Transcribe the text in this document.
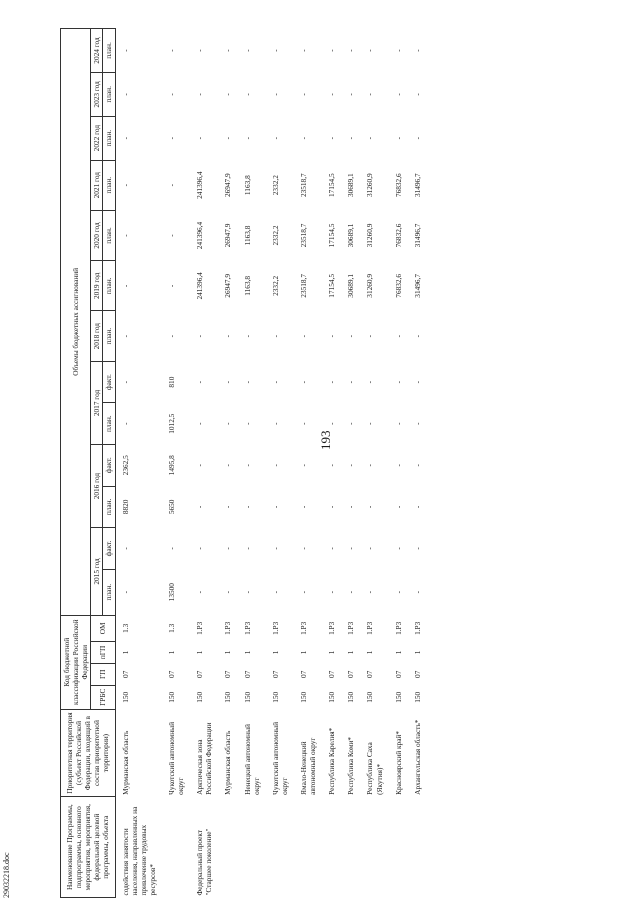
193
29032218.doc	Наименование Программы, подпрограммы, основного мероприятия, мероприятия, федеральной целевой программы, объекта	Приоритетная территория (субъект Российской Федерации, входящий в состав приоритетной территории)	Код бюджетной классификации Российской Федерации				Объемы бюджетных ассигнований												
		ГРБС	ГП	пГП	ОМ	2015 год		2016 год		2017 год		2018 год	2019 год	2020 год	2021 год	2022 год	2023 год	2024 год
						план.	факт.	план.	факт.	план.	факт.	план.	план.	план.	план.	план.	план.	план.
содействия занятости населения, направленных на привлечение трудовых ресурсов*	Мурманская область	150	07	1	1.3	-	-	8820	2362,5	-	-	-	-	-	-	-	-	-
	Чукотский автономный округ	150	07	1	1.3	13500	-	5650	1495,8	1012,5	810	-	-	-	-	-	-	-
Федеральный проект "Старшее поколение"	Арктическая зона Российской Федерации	150	07	1	1.Р3	-	-	-	-	-	-	-	241396,4	241396,4	241396,4	-	-	-
	Мурманская область	150	07	1	1.Р3	-	-	-	-	-	-	-	26947,9	26947,9	26947,9	-	-	-
	Ненецкий автономный округ	150	07	1	1.Р3	-	-	-	-	-	-	-	1163,8	1163,8	1163,8	-	-	-
	Чукотский автономный округ	150	07	1	1.Р3	-	-	-	-	-	-	-	2332,2	2332,2	2332,2	-	-	-
	Ямало-Ненецкий автономный округ	150	07	1	1.Р3	-	-	-	-	-	-	-	23518,7	23518,7	23518,7	-	-	-
	Республика Карелия*	150	07	1	1.Р3	-	-	-	-	-	-	-	17154,5	17154,5	17154,5	-	-	-
	Республика Коми*	150	07	1	1.Р3	-	-	-	-	-	-	-	30689,1	30689,1	30689,1	-	-	-
	Республика Саха (Якутия)*	150	07	1	1.Р3	-	-	-	-	-	-	-	31260,9	31260,9	31260,9	-	-	-
	Красноярский край*	150	07	1	1.Р3	-	-	-	-	-	-	-	76832,6	76832,6	76832,6	-	-	-
	Архангельская область*	150	07	1	1.Р3	-	-	-	-	-	-	-	31496,7	31496,7	31496,7	-	-	-
